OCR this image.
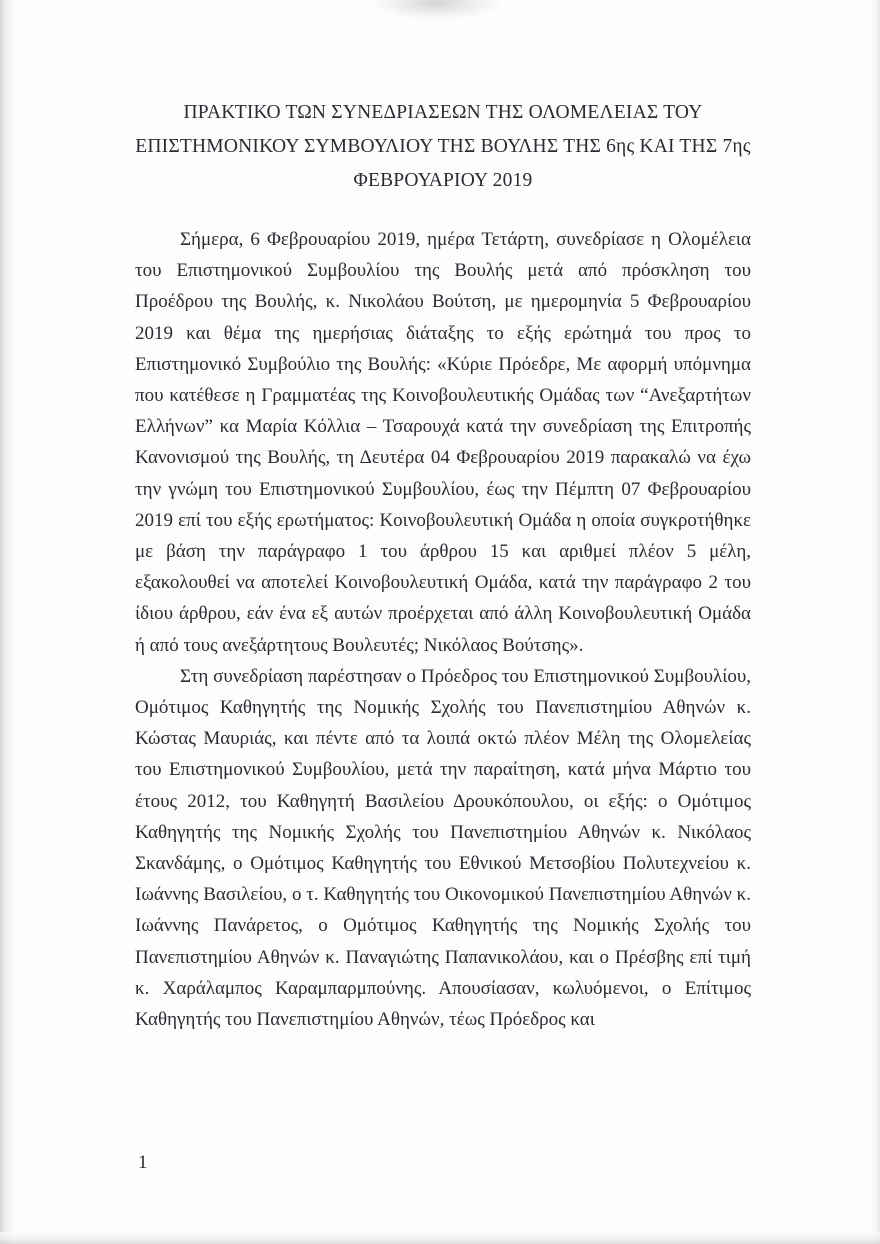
ΠΡΑΚΤΙΚΟ ΤΩΝ ΣΥΝΕΔΡΙΑΣΕΩΝ ΤΗΣ ΟΛΟΜΕΛΕΙΑΣ ΤΟΥ
ΕΠΙΣΤΗΜΟΝΙΚΟΥ ΣΥΜΒΟΥΛΙΟΥ ΤΗΣ ΒΟΥΛΗΣ ΤΗΣ 6ης ΚΑΙ ΤΗΣ 7ης
ΦΕΒΡΟΥΑΡΙΟΥ 2019

Σήμερα, 6 Φεβρουαρίου 2019, ημέρα Τετάρτη, συνεδρίασε η Ολομέλεια του Επιστημονικού Συμβουλίου της Βουλής μετά από πρόσκληση του Προέδρου της Βουλής, κ. Νικολάου Βούτση, με ημερομηνία 5 Φεβρουαρίου 2019 και θέμα της ημερήσιας διάταξης το εξής ερώτημά του προς το Επιστημονικό Συμβούλιο της Βουλής: «Κύριε Πρόεδρε, Με αφορμή υπόμνημα που κατέθεσε η Γραμματέας της Κοινοβουλευτικής Ομάδας των “Ανεξαρτήτων Ελλήνων” κα Μαρία Κόλλια – Τσαρουχά κατά την συνεδρίαση της Επιτροπής Κανονισμού της Βουλής, τη Δευτέρα 04 Φεβρουαρίου 2019 παρακαλώ να έχω την γνώμη του Επιστημονικού Συμβουλίου, έως την Πέμπτη 07 Φεβρουαρίου 2019 επί του εξής ερωτήματος: Κοινοβουλευτική Ομάδα η οποία συγκροτήθηκε με βάση την παράγραφο 1 του άρθρου 15 και αριθμεί πλέον 5 μέλη, εξακολουθεί να αποτελεί Κοινοβουλευτική Ομάδα, κατά την παράγραφο 2 του ίδιου άρθρου, εάν ένα εξ αυτών προέρχεται από άλλη Κοινοβουλευτική Ομάδα ή από τους ανεξάρτητους Βουλευτές; Νικόλαος Βούτσης».

Στη συνεδρίαση παρέστησαν ο Πρόεδρος του Επιστημονικού Συμβουλίου, Ομότιμος Καθηγητής της Νομικής Σχολής του Πανεπιστημίου Αθηνών κ. Κώστας Μαυριάς, και πέντε από τα λοιπά οκτώ πλέον Μέλη της Ολομελείας του Επιστημονικού Συμβουλίου, μετά την παραίτηση, κατά μήνα Μάρτιο του έτους 2012, του Καθηγητή Βασιλείου Δρουκόπουλου, οι εξής: ο Ομότιμος Καθηγητής της Νομικής Σχολής του Πανεπιστημίου Αθηνών κ. Νικόλαος Σκανδάμης, ο Ομότιμος Καθηγητής του Εθνικού Μετσοβίου Πολυτεχνείου κ. Ιωάννης Βασιλείου, ο τ. Καθηγητής του Οικονομικού Πανεπιστημίου Αθηνών κ. Ιωάννης Πανάρετος, ο Ομότιμος Καθηγητής της Νομικής Σχολής του Πανεπιστημίου Αθηνών κ. Παναγιώτης Παπανικολάου, και ο Πρέσβης επί τιμή κ. Χαράλαμπος Καραμπαρμπούνης. Απουσίασαν, κωλυόμενοι, ο Επίτιμος Καθηγητής του Πανεπιστημίου Αθηνών, τέως Πρόεδρος και

1
